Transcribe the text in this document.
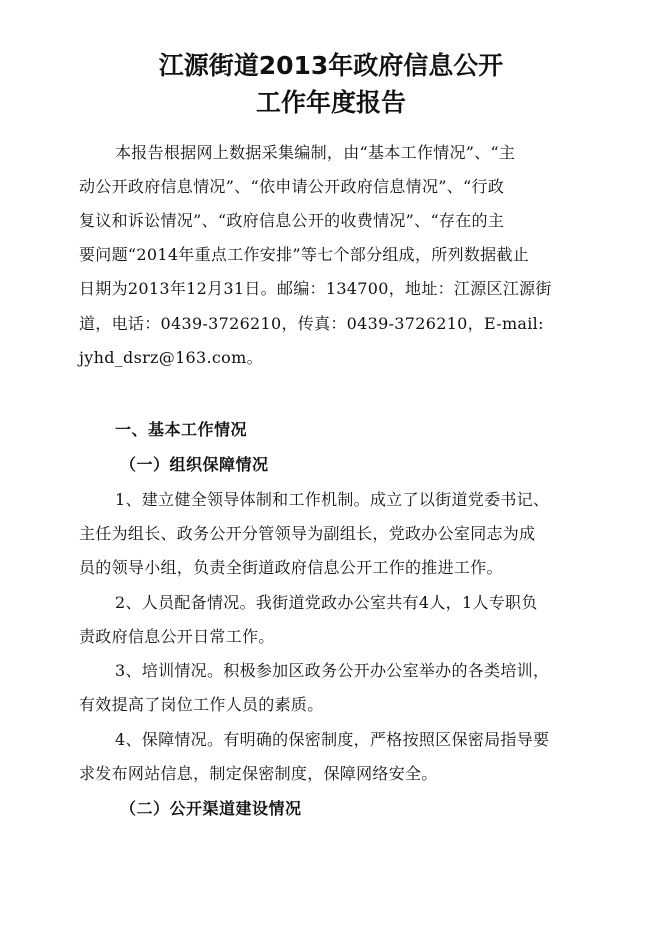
江源街道2013年政府信息公开
工作年度报告
本报告根据网上数据采集编制，由“基本工作情况”、“主
动公开政府信息情况”、“依申请公开政府信息情况”、“行政
复议和诉讼情况”、“政府信息公开的收费情况”、“存在的主
要问题“2014年重点工作安排”等七个部分组成，所列数据截止
日期为2013年12月31日。邮编：134700，地址：江源区江源街
道，电话：0439-3726210，传真：0439-3726210，E-mail:
jyhd_dsrz@163.com。
一、基本工作情况
（一）组织保障情况
1、建立健全领导体制和工作机制。成立了以街道党委书记、
主任为组长、政务公开分管领导为副组长，党政办公室同志为成
员的领导小组，负责全街道政府信息公开工作的推进工作。
2、人员配备情况。我街道党政办公室共有4人，1人专职负
责政府信息公开日常工作。
3、培训情况。积极参加区政务公开办公室举办的各类培训，
有效提高了岗位工作人员的素质。
4、保障情况。有明确的保密制度，严格按照区保密局指导要
求发布网站信息，制定保密制度，保障网络安全。
（二）公开渠道建设情况
